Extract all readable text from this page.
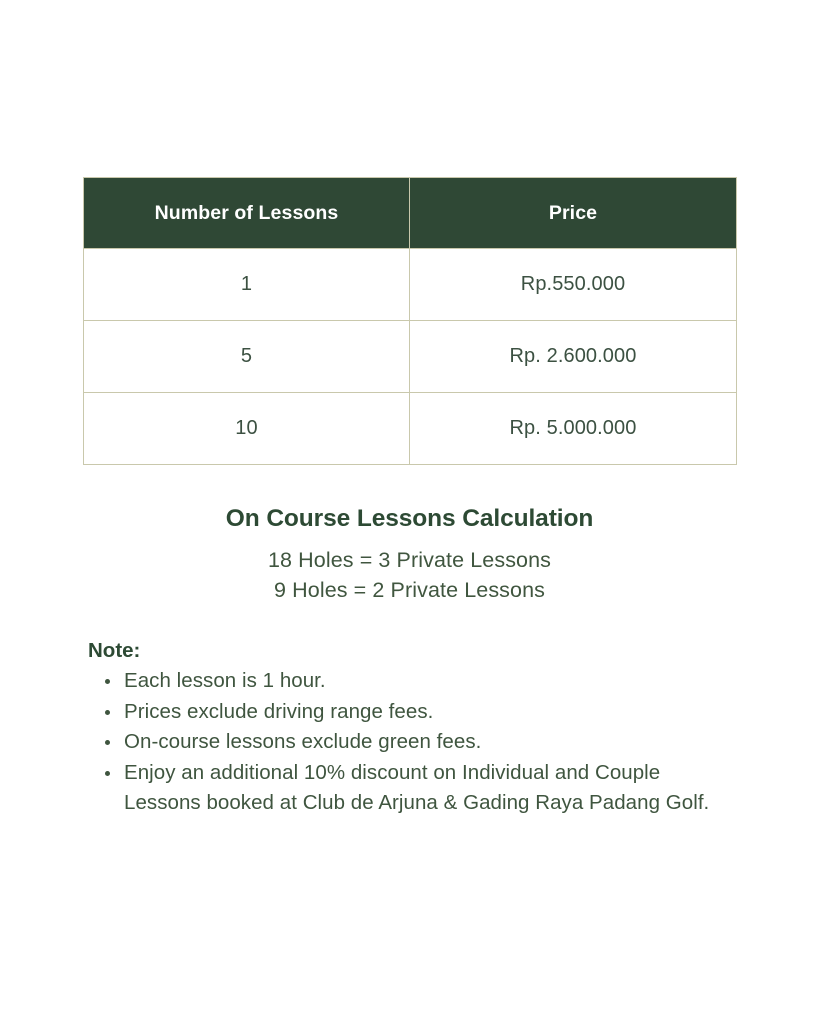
Number of Lessons	Price
1	Rp.550.000
5	Rp. 2.600.000
10	Rp. 5.000.000
On Course Lessons Calculation
18 Holes = 3 Private Lessons
9 Holes = 2 Private Lessons
Note:
Each lesson is 1 hour.
Prices exclude driving range fees.
On-course lessons exclude green fees.
Enjoy an additional 10% discount on Individual and Couple Lessons booked at Club de Arjuna & Gading Raya Padang Golf.
